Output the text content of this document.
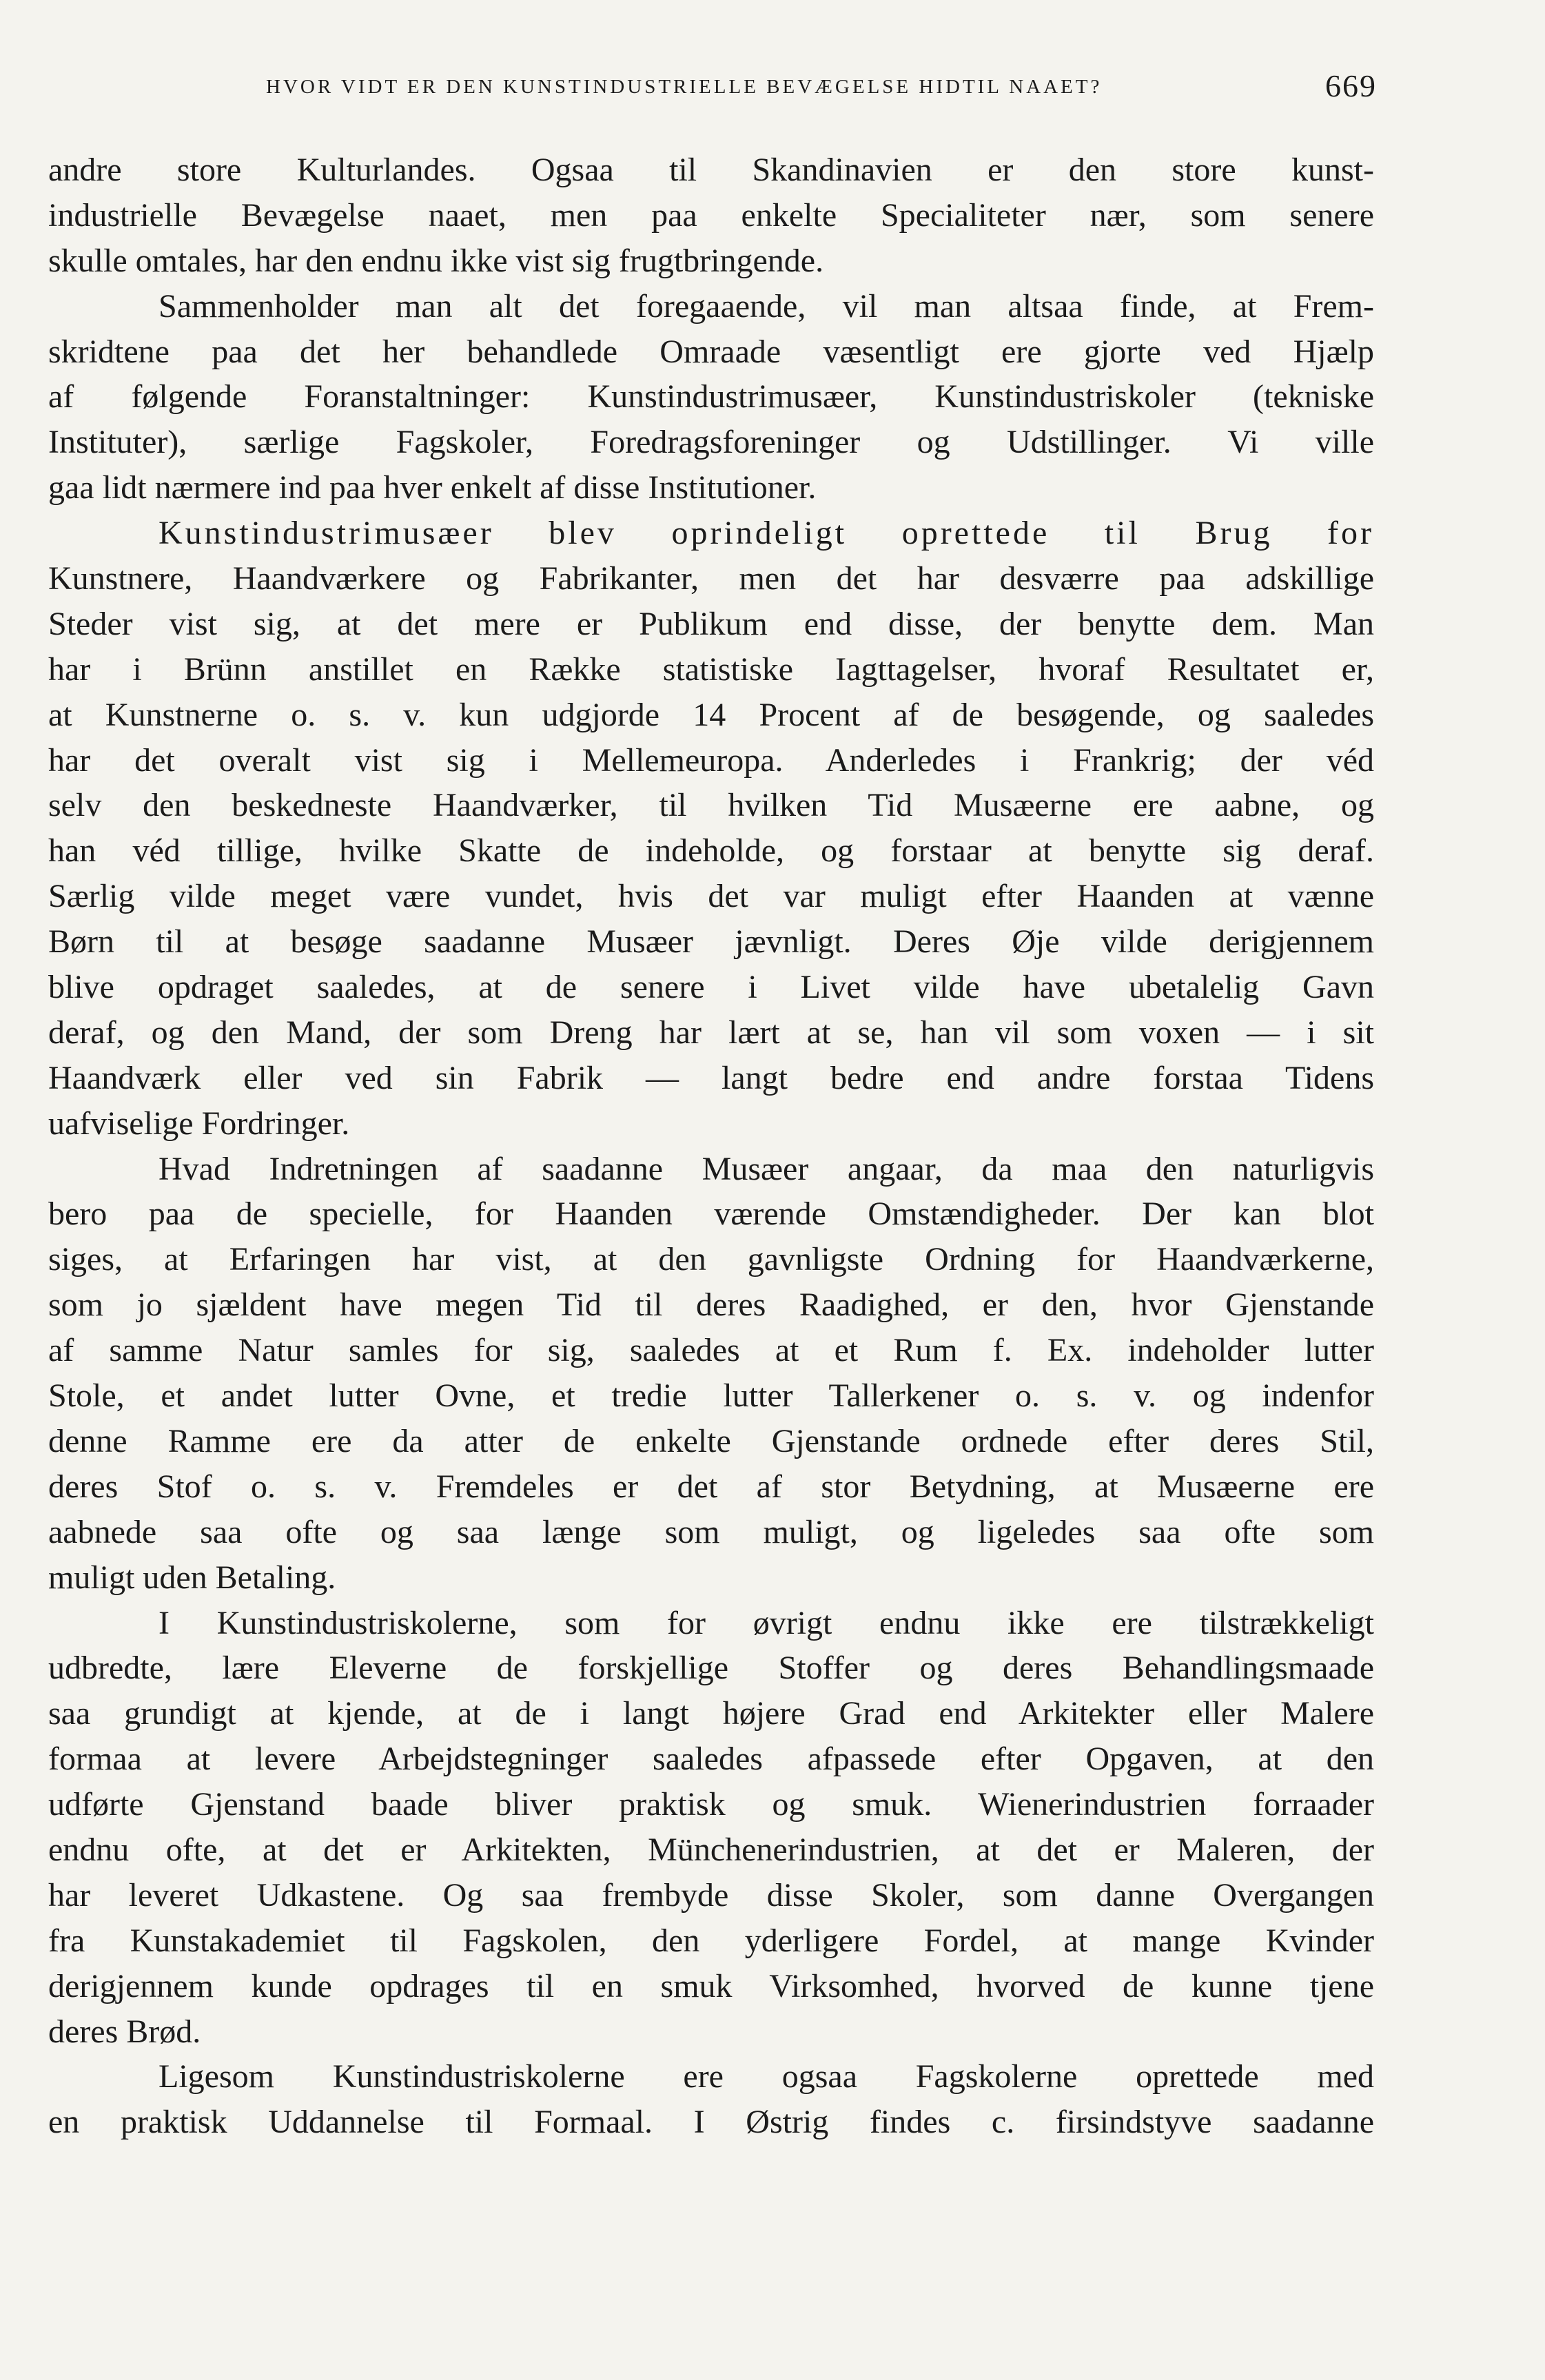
HVOR VIDT ER DEN KUNSTINDUSTRIELLE BEVÆGELSE HIDTIL NAAET?	669
andre store Kulturlandes. Ogsaa til Skandinavien er den store kunst-
industrielle Bevægelse naaet, men paa enkelte Specialiteter nær, som senere
skulle omtales, har den endnu ikke vist sig frugtbringende.
Sammenholder man alt det foregaaende, vil man altsaa finde, at Frem-
skridtene paa det her behandlede Omraade væsentligt ere gjorte ved Hjælp
af følgende Foranstaltninger: Kunstindustrimusæer, Kunstindustriskoler (tekniske
Instituter), særlige Fagskoler, Foredragsforeninger og Udstillinger. Vi ville
gaa lidt nærmere ind paa hver enkelt af disse Institutioner.
Kunstindustrimusæer blev oprindeligt oprettede til Brug for
Kunstnere, Haandværkere og Fabrikanter, men det har desværre paa adskillige
Steder vist sig, at det mere er Publikum end disse, der benytte dem. Man
har i Brünn anstillet en Række statistiske Iagttagelser, hvoraf Resultatet er,
at Kunstnerne o. s. v. kun udgjorde 14 Procent af de besøgende, og saaledes
har det overalt vist sig i Mellemeuropa. Anderledes i Frankrig; der véd
selv den beskedneste Haandværker, til hvilken Tid Musæerne ere aabne, og
han véd tillige, hvilke Skatte de indeholde, og forstaar at benytte sig deraf.
Særlig vilde meget være vundet, hvis det var muligt efter Haanden at vænne
Børn til at besøge saadanne Musæer jævnligt. Deres Øje vilde derigjennem
blive opdraget saaledes, at de senere i Livet vilde have ubetalelig Gavn
deraf, og den Mand, der som Dreng har lært at se, han vil som voxen — i sit
Haandværk eller ved sin Fabrik — langt bedre end andre forstaa Tidens
uafviselige Fordringer.
Hvad Indretningen af saadanne Musæer angaar, da maa den naturligvis
bero paa de specielle, for Haanden værende Omstændigheder. Der kan blot
siges, at Erfaringen har vist, at den gavnligste Ordning for Haandværkerne,
som jo sjældent have megen Tid til deres Raadighed, er den, hvor Gjenstande
af samme Natur samles for sig, saaledes at et Rum f. Ex. indeholder lutter
Stole, et andet lutter Ovne, et tredie lutter Tallerkener o. s. v. og indenfor
denne Ramme ere da atter de enkelte Gjenstande ordnede efter deres Stil,
deres Stof o. s. v. Fremdeles er det af stor Betydning, at Musæerne ere
aabnede saa ofte og saa længe som muligt, og ligeledes saa ofte som
muligt uden Betaling.
I Kunstindustriskolerne, som for øvrigt endnu ikke ere tilstrækkeligt
udbredte, lære Eleverne de forskjellige Stoffer og deres Behandlingsmaade
saa grundigt at kjende, at de i langt højere Grad end Arkitekter eller Malere
formaa at levere Arbejdstegninger saaledes afpassede efter Opgaven, at den
udførte Gjenstand baade bliver praktisk og smuk. Wienerindustrien forraader
endnu ofte, at det er Arkitekten, Münchenerindustrien, at det er Maleren, der
har leveret Udkastene. Og saa frembyde disse Skoler, som danne Overgangen
fra Kunstakademiet til Fagskolen, den yderligere Fordel, at mange Kvinder
derigjennem kunde opdrages til en smuk Virksomhed, hvorved de kunne tjene
deres Brød.
Ligesom Kunstindustriskolerne ere ogsaa Fagskolerne oprettede med
en praktisk Uddannelse til Formaal. I Østrig findes c. firsindstyve saadanne
